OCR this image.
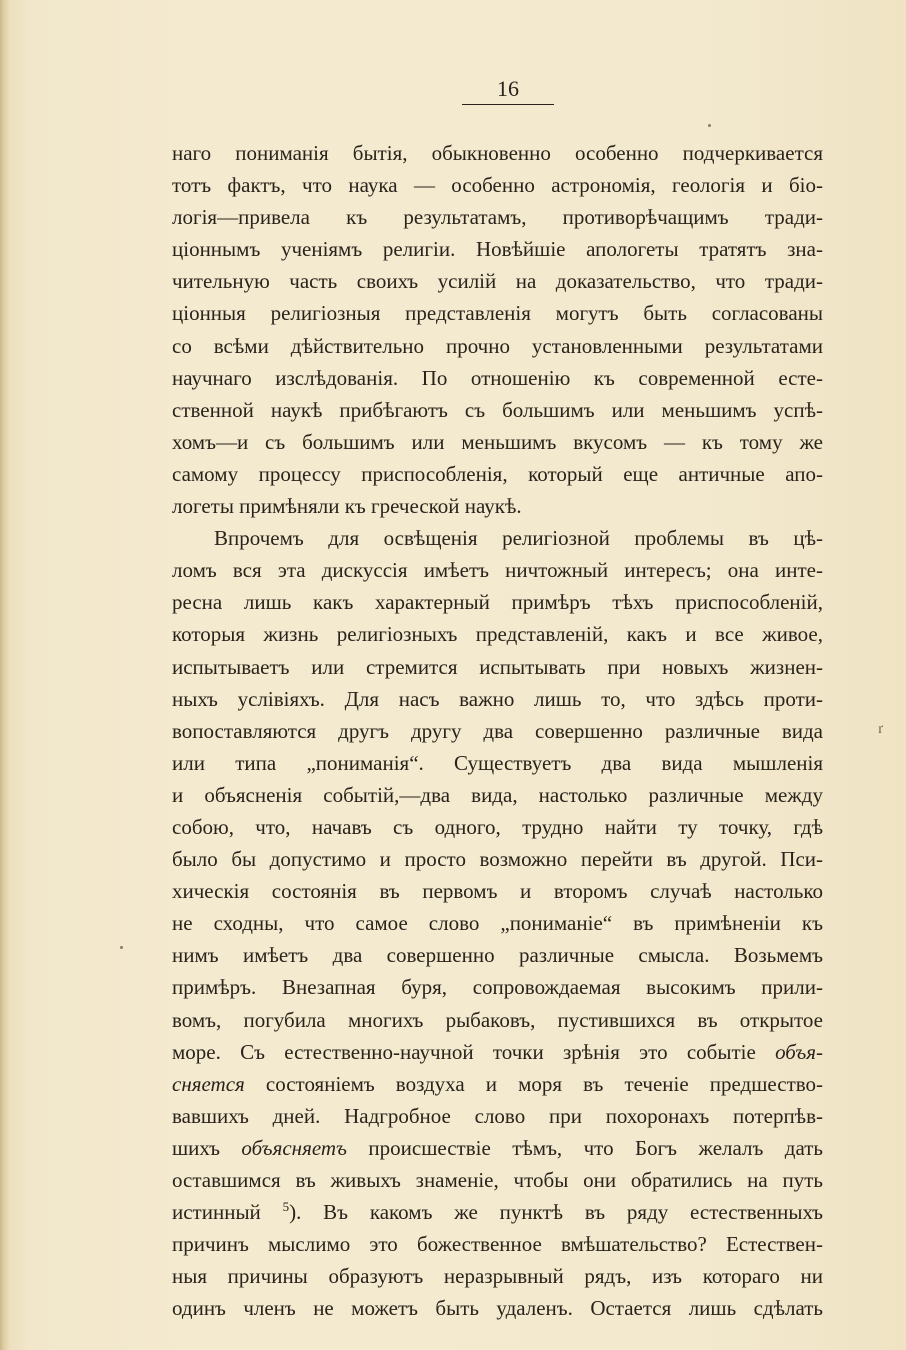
16
наго пониманія бытія, обыкновенно особенно подчеркивается
тотъ фактъ, что наука — особенно астрономія, геологія и біо-
логія—привела къ результатамъ, противорѣчащимъ тради-
ціоннымъ ученіямъ религіи. Новѣйшіе апологеты тратятъ зна-
чительную часть своихъ усилій на доказательство, что тради-
ціонныя религіозныя представленія могутъ быть согласованы
со всѣми дѣйствительно прочно установленными результатами
научнаго изслѣдованія. По отношенію къ современной есте-
ственной наукѣ прибѣгаютъ съ большимъ или меньшимъ успѣ-
хомъ—и съ большимъ или меньшимъ вкусомъ — къ тому же
самому процессу приспособленія, который еще античные апо-
логеты примѣняли къ греческой наукѣ.
Впрочемъ для освѣщенія религіозной проблемы въ цѣ-
ломъ вся эта дискуссія имѣетъ ничтожный интересъ; она инте-
ресна лишь какъ характерный примѣръ тѣхъ приспособленій,
которыя жизнь религіозныхъ представленій, какъ и все живое,
испытываетъ или стремится испытывать при новыхъ жизнен-
ныхъ услівіяхъ. Для насъ важно лишь то, что здѣсь проти-
вопоставляются другъ другу два совершенно различные вида
или типа „пониманія“. Существуетъ два вида мышленія
и объясненія событій,—два вида, настолько различные между
собою, что, начавъ съ одного, трудно найти ту точку, гдѣ
было бы допустимо и просто возможно перейти въ другой. Пси-
хическія состоянія въ первомъ и второмъ случаѣ настолько
не сходны, что самое слово „пониманіе“ въ примѣненіи къ
нимъ имѣетъ два совершенно различные смысла. Возьмемъ
примѣръ. Внезапная буря, сопровождаемая высокимъ прили-
вомъ, погубила многихъ рыбаковъ, пустившихся въ открытое
море. Съ естественно-научной точки зрѣнія это событіе объя-
сняется состояніемъ воздуха и моря въ теченіе предшество-
вавшихъ дней. Надгробное слово при похоронахъ потерпѣв-
шихъ объясняетъ происшествіе тѣмъ, что Богъ желалъ дать
оставшимся въ живыхъ знаменіе, чтобы они обратились на путь
истинный $^5$). Въ какомъ же пунктѣ въ ряду естественныхъ
причинъ мыслимо это божественное вмѣшательство? Естествен-
ныя причины образуютъ неразрывный рядъ, изъ котораго ни
одинъ членъ не можетъ быть удаленъ. Остается лишь сдѣлать
ґ
